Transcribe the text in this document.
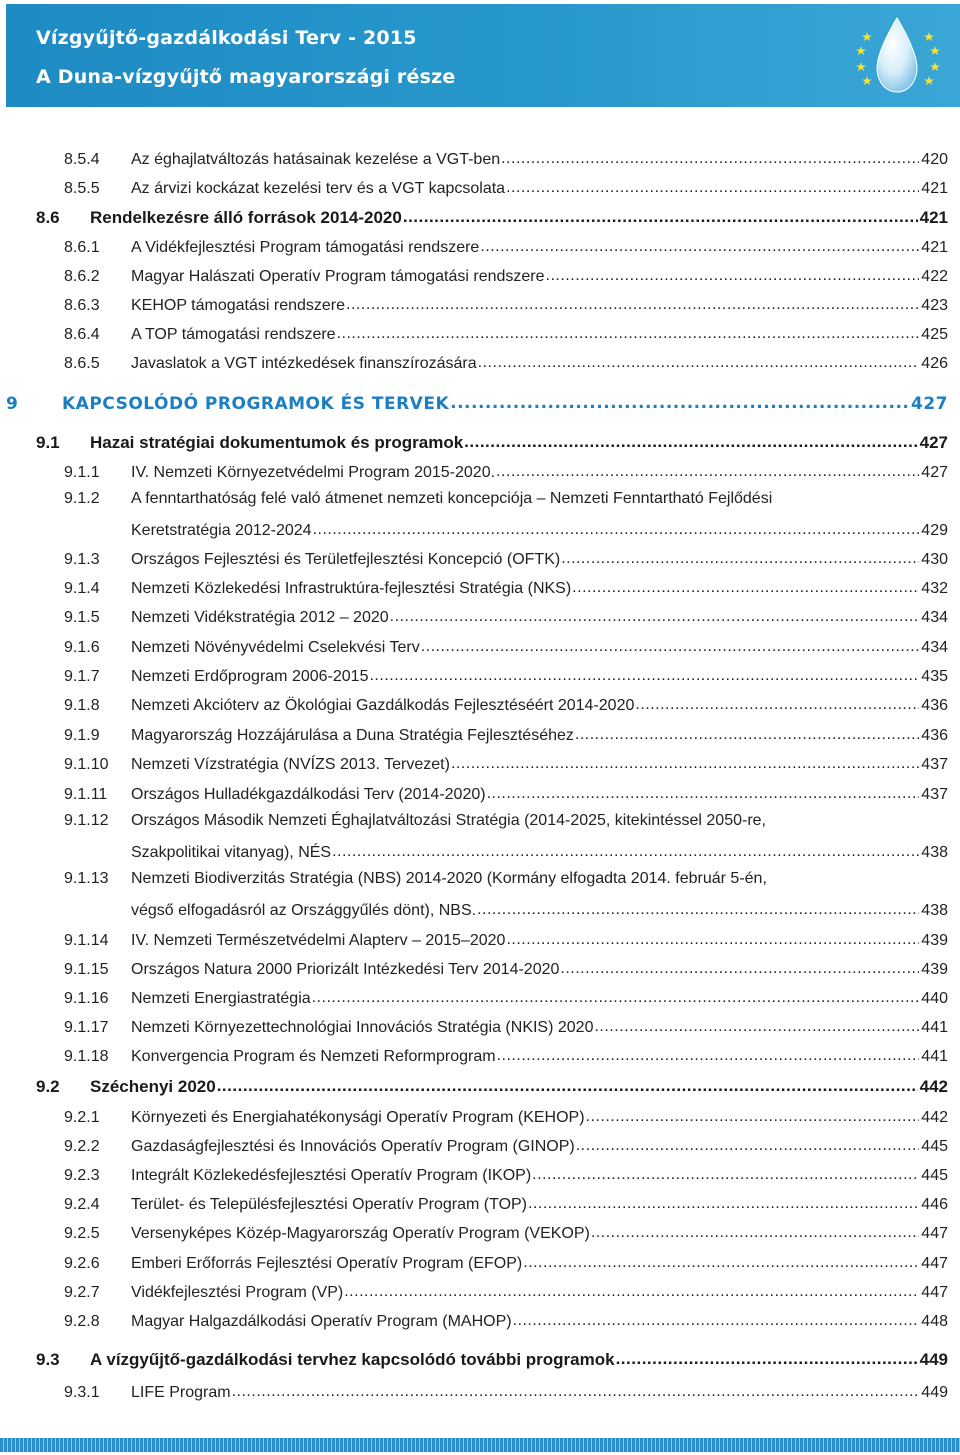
Vízgyűjtő-gazdálkodási Terv - 2015
A Duna-vízgyűjtő magyarországi része
8.5.4	Az éghajlatváltozás hatásainak kezelése a VGT-ben .....	420
8.5.5	Az árvizi kockázat kezelési terv és a VGT kapcsolata .....	421
8.6	Rendelkezésre álló források 2014-2020 .....	421
8.6.1	A Vidékfejlesztési Program támogatási rendszere .....	421
8.6.2	Magyar Halászati Operatív Program támogatási rendszere .....	422
8.6.3	KEHOP támogatási rendszere .....	423
8.6.4	A TOP támogatási rendszere .....	425
8.6.5	Javaslatok a VGT intézkedések finanszírozására .....	426
9	KAPCSOLÓDÓ PROGRAMOK ÉS TERVEK .....	427
9.1	Hazai stratégiai dokumentumok és programok .....	427
9.1.1	IV. Nemzeti Környezetvédelmi Program 2015-2020. .....	427
9.1.2	A fenntarthatóság felé való átmenet nemzeti koncepciója – Nemzeti Fenntartható Fejlődési
Keretstratégia 2012-2024 .....	429
9.1.3	Országos Fejlesztési és Területfejlesztési Koncepció (OFTK) .....	430
9.1.4	Nemzeti Közlekedési Infrastruktúra-fejlesztési Stratégia (NKS) .....	432
9.1.5	Nemzeti Vidékstratégia 2012 – 2020 .....	434
9.1.6	Nemzeti Növényvédelmi Cselekvési Terv .....	434
9.1.7	Nemzeti Erdőprogram 2006-2015 .....	435
9.1.8	Nemzeti Akcióterv az Ökológiai Gazdálkodás Fejlesztéséért 2014-2020 .....	436
9.1.9	Magyarország Hozzájárulása a Duna Stratégia Fejlesztéséhez .....	436
9.1.10	Nemzeti Vízstratégia (NVÍZS 2013. Tervezet) .....	437
9.1.11	Országos Hulladékgazdálkodási Terv (2014-2020) .....	437
9.1.12	Országos Második Nemzeti Éghajlatváltozási Stratégia (2014-2025, kitekintéssel 2050-re,
Szakpolitikai vitanyag), NÉS .....	438
9.1.13	Nemzeti Biodiverzitás Stratégia (NBS) 2014-2020 (Kormány elfogadta 2014. február 5-én,
végső elfogadásról az Országgyűlés dönt), NBS. .....	438
9.1.14	IV. Nemzeti Természetvédelmi Alapterv – 2015–2020 .....	439
9.1.15	Országos Natura 2000 Priorizált Intézkedési Terv 2014-2020 .....	439
9.1.16	Nemzeti Energiastratégia .....	440
9.1.17	Nemzeti Környezettechnológiai Innovációs Stratégia (NKIS) 2020 .....	441
9.1.18	Konvergencia Program és Nemzeti Reformprogram .....	441
9.2	Széchenyi 2020 .....	442
9.2.1	Környezeti és Energiahatékonysági Operatív Program (KEHOP) .....	442
9.2.2	Gazdaságfejlesztési és Innovációs Operatív Program (GINOP) .....	445
9.2.3	Integrált Közlekedésfejlesztési Operatív Program (IKOP) .....	445
9.2.4	Terület- és Településfejlesztési Operatív Program (TOP) .....	446
9.2.5	Versenyképes Közép-Magyarország Operatív Program (VEKOP) .....	447
9.2.6	Emberi Erőforrás Fejlesztési Operatív Program (EFOP) .....	447
9.2.7	Vidékfejlesztési Program (VP) .....	447
9.2.8	Magyar Halgazdálkodási Operatív Program (MAHOP) .....	448
9.3	A vízgyűjtő-gazdálkodási tervhez kapcsolódó további programok .....	449
9.3.1	LIFE Program .....	449
